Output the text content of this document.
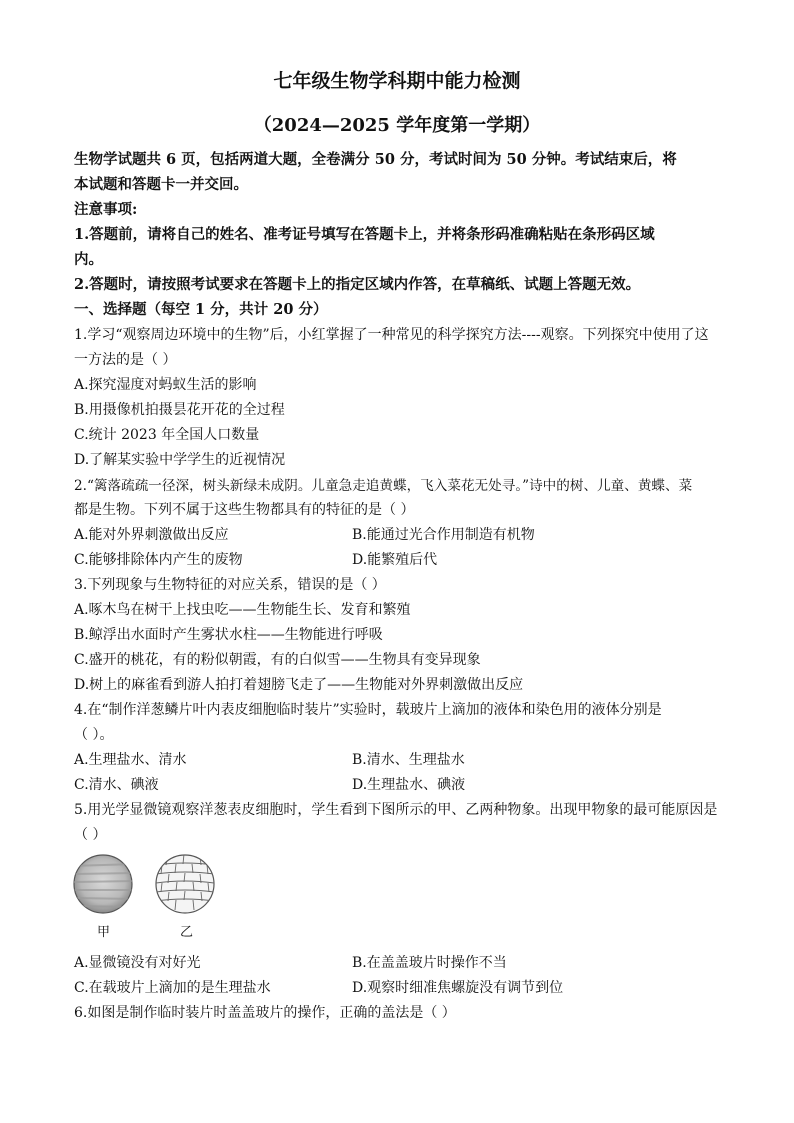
七年级生物学科期中能力检测
（2024—2025 学年度第一学期）
生物学试题共 6 页，包括两道大题，全卷满分 50 分，考试时间为 50 分钟。考试结束后，将
本试题和答题卡一并交回。
注意事项:
1.答题前，请将自己的姓名、准考证号填写在答题卡上，并将条形码准确粘贴在条形码区域
内。
2.答题时，请按照考试要求在答题卡上的指定区域内作答，在草稿纸、试题上答题无效。
一、选择题（每空 1 分，共计 20 分）
1.学习“观察周边环境中的生物”后，小红掌握了一种常见的科学探究方法----观察。下列探究中使用了这
一方法的是（ ）
A.探究湿度对蚂蚁生活的影响
B.用摄像机拍摄昙花开花的全过程
C.统计 2023 年全国人口数量
D.了解某实验中学学生的近视情况
2.“篱落疏疏一径深，树头新绿未成阴。儿童急走追黄蝶，飞入菜花无处寻。”诗中的树、儿童、黄蝶、菜
都是生物。下列不属于这些生物都具有的特征的是（ ）
A.能对外界刺激做出反应	B.能通过光合作用制造有机物
C.能够排除体内产生的废物	D.能繁殖后代
3.下列现象与生物特征的对应关系，错误的是（ ）
A.啄木鸟在树干上找虫吃——生物能生长、发育和繁殖
B.鲸浮出水面时产生雾状水柱——生物能进行呼吸
C.盛开的桃花，有的粉似朝霞，有的白似雪——生物具有变异现象
D.树上的麻雀看到游人拍打着翅膀飞走了——生物能对外界刺激做出反应
4.在“制作洋葱鳞片叶内表皮细胞临时装片”实验时，载玻片上滴加的液体和染色用的液体分别是
（ ）。
A.生理盐水、清水	B.清水、生理盐水
C.清水、碘液	D.生理盐水、碘液
5.用光学显微镜观察洋葱表皮细胞时，学生看到下图所示的甲、乙两种物象。出现甲物象的最可能原因是
（ ）
甲	乙
A.显微镜没有对好光	B.在盖盖玻片时操作不当
C.在载玻片上滴加的是生理盐水	D.观察时细准焦螺旋没有调节到位
6.如图是制作临时装片时盖盖玻片的操作，正确的盖法是（ ）
